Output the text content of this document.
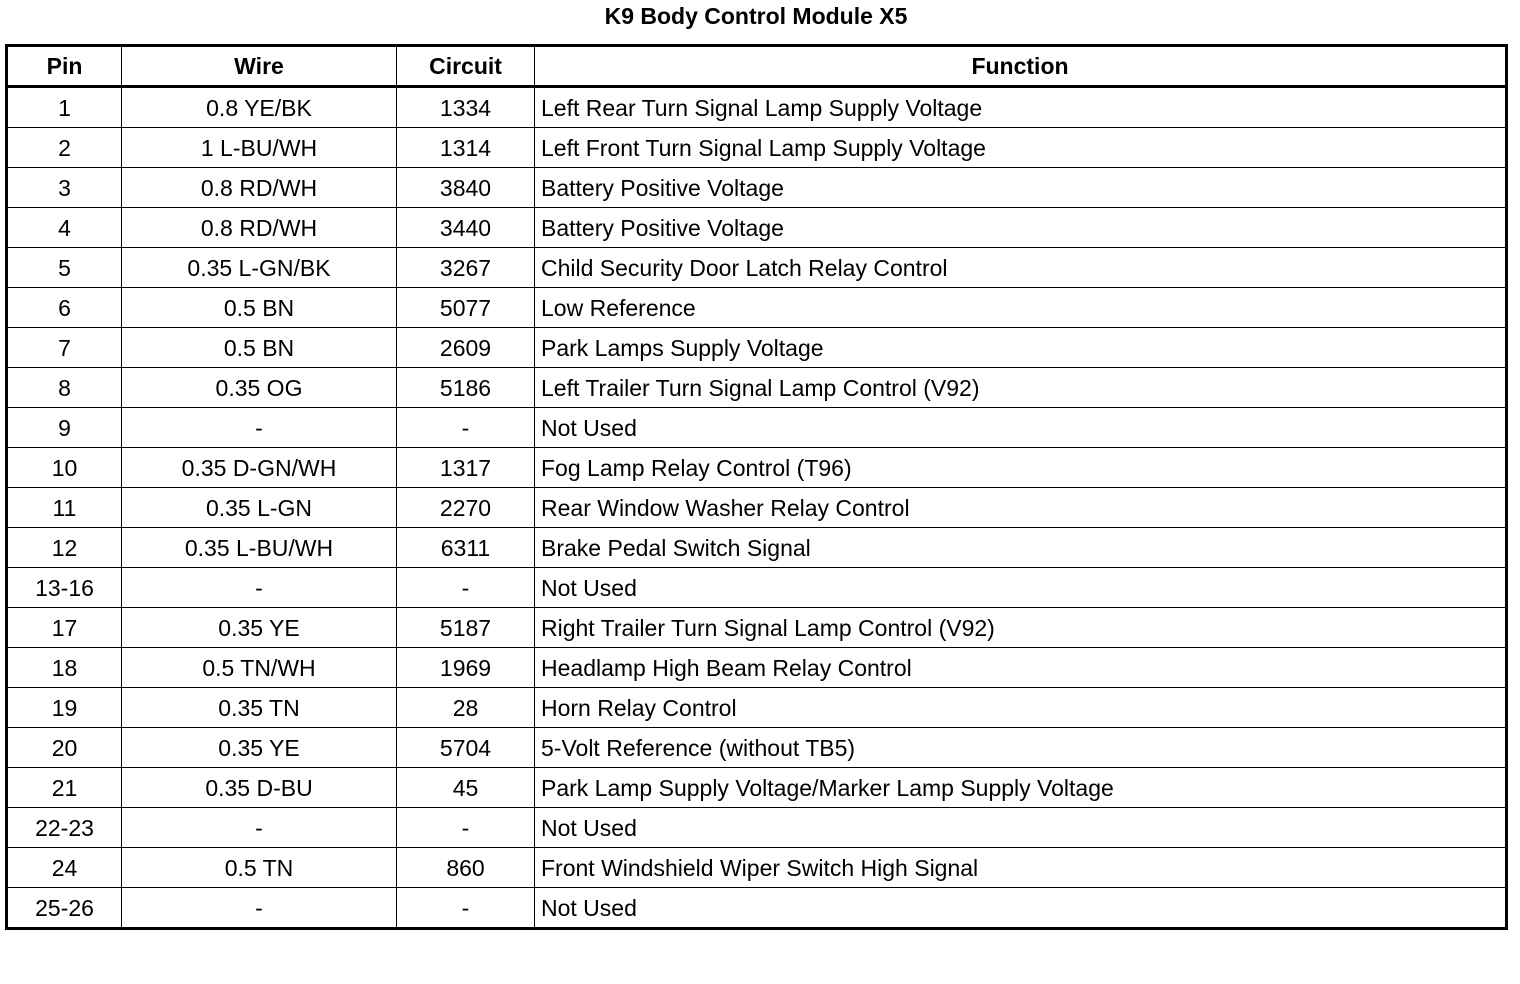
K9 Body Control Module X5
Pin	Wire	Circuit	Function
1	0.8 YE/BK	1334	Left Rear Turn Signal Lamp Supply Voltage
2	1 L-BU/WH	1314	Left Front Turn Signal Lamp Supply Voltage
3	0.8 RD/WH	3840	Battery Positive Voltage
4	0.8 RD/WH	3440	Battery Positive Voltage
5	0.35 L-GN/BK	3267	Child Security Door Latch Relay Control
6	0.5 BN	5077	Low Reference
7	0.5 BN	2609	Park Lamps Supply Voltage
8	0.35 OG	5186	Left Trailer Turn Signal Lamp Control (V92)
9	-	-	Not Used
10	0.35 D-GN/WH	1317	Fog Lamp Relay Control (T96)
11	0.35 L-GN	2270	Rear Window Washer Relay Control
12	0.35 L-BU/WH	6311	Brake Pedal Switch Signal
13-16	-	-	Not Used
17	0.35 YE	5187	Right Trailer Turn Signal Lamp Control (V92)
18	0.5 TN/WH	1969	Headlamp High Beam Relay Control
19	0.35 TN	28	Horn Relay Control
20	0.35 YE	5704	5-Volt Reference (without TB5)
21	0.35 D-BU	45	Park Lamp Supply Voltage/Marker Lamp Supply Voltage
22-23	-	-	Not Used
24	0.5 TN	860	Front Windshield Wiper Switch High Signal
25-26	-	-	Not Used
